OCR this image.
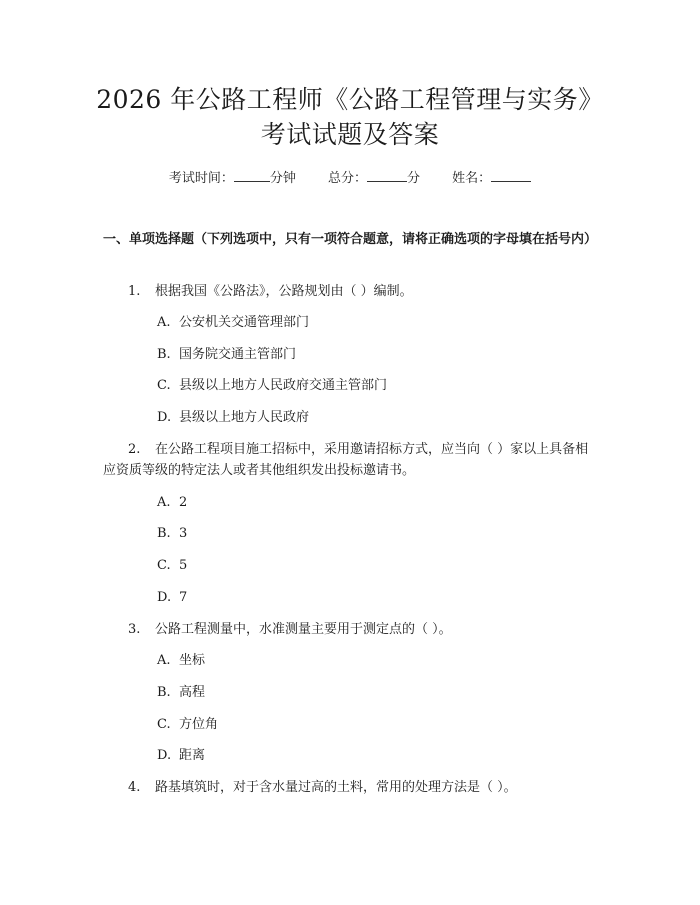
2026 年公路工程师《公路工程管理与实务》
考试试题及答案
考试时间：	分钟 总分：	分 姓名：
一、单项选择题（下列选项中，只有一项符合题意，请将正确选项的字母填在括号内）
1. 根据我国《公路法》，公路规划由（ ）编制。
A. 公安机关交通管理部门
B. 国务院交通主管部门
C. 县级以上地方人民政府交通主管部门
D. 县级以上地方人民政府
2. 在公路工程项目施工招标中，采用邀请招标方式，应当向（ ）家以上具备相应资质等级的特定法人或者其他组织发出投标邀请书。
A. 2
B. 3
C. 5
D. 7
3. 公路工程测量中，水准测量主要用于测定点的（ ）。
A. 坐标
B. 高程
C. 方位角
D. 距离
4. 路基填筑时，对于含水量过高的土料，常用的处理方法是（ ）。
